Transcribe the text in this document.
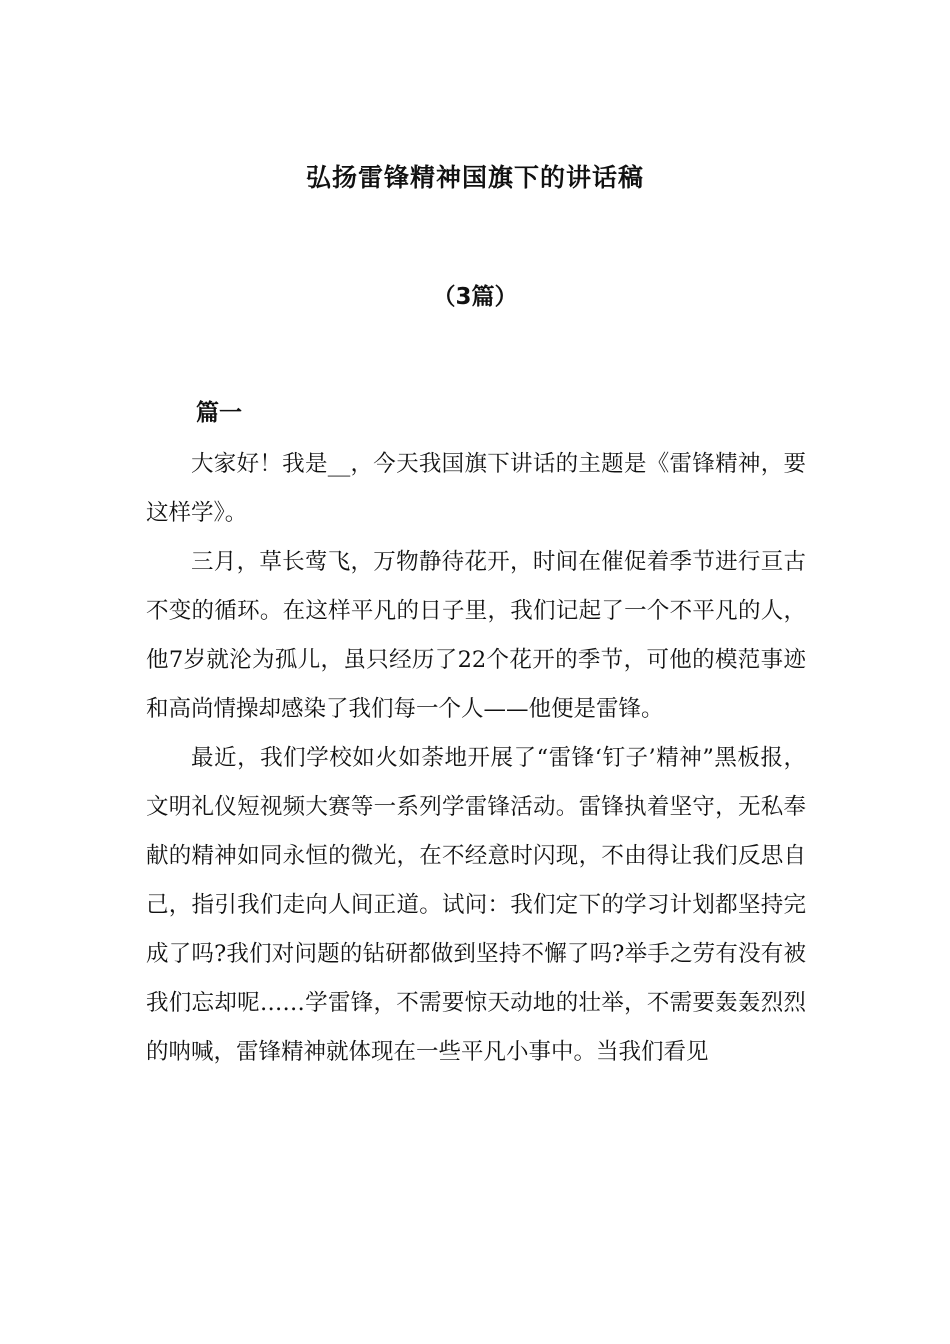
弘扬雷锋精神国旗下的讲话稿
（3篇）
篇一

大家好！我是__，今天我国旗下讲话的主题是《雷锋精神，要这样学》。

三月，草长莺飞，万物静待花开，时间在催促着季节进行亘古不变的循环。在这样平凡的日子里，我们记起了一个不平凡的人，他7岁就沦为孤儿，虽只经历了22个花开的季节，可他的模范事迹和高尚情操却感染了我们每一个人——他便是雷锋。

最近，我们学校如火如荼地开展了“雷锋‘钉子’精神”黑板报，文明礼仪短视频大赛等一系列学雷锋活动。雷锋执着坚守，无私奉献的精神如同永恒的微光，在不经意时闪现，不由得让我们反思自己，指引我们走向人间正道。试问：我们定下的学习计划都坚持完成了吗?我们对问题的钻研都做到坚持不懈了吗?举手之劳有没有被我们忘却呢……学雷锋，不需要惊天动地的壮举，不需要轰轰烈烈的呐喊，雷锋精神就体现在一些平凡小事中。当我们看见
